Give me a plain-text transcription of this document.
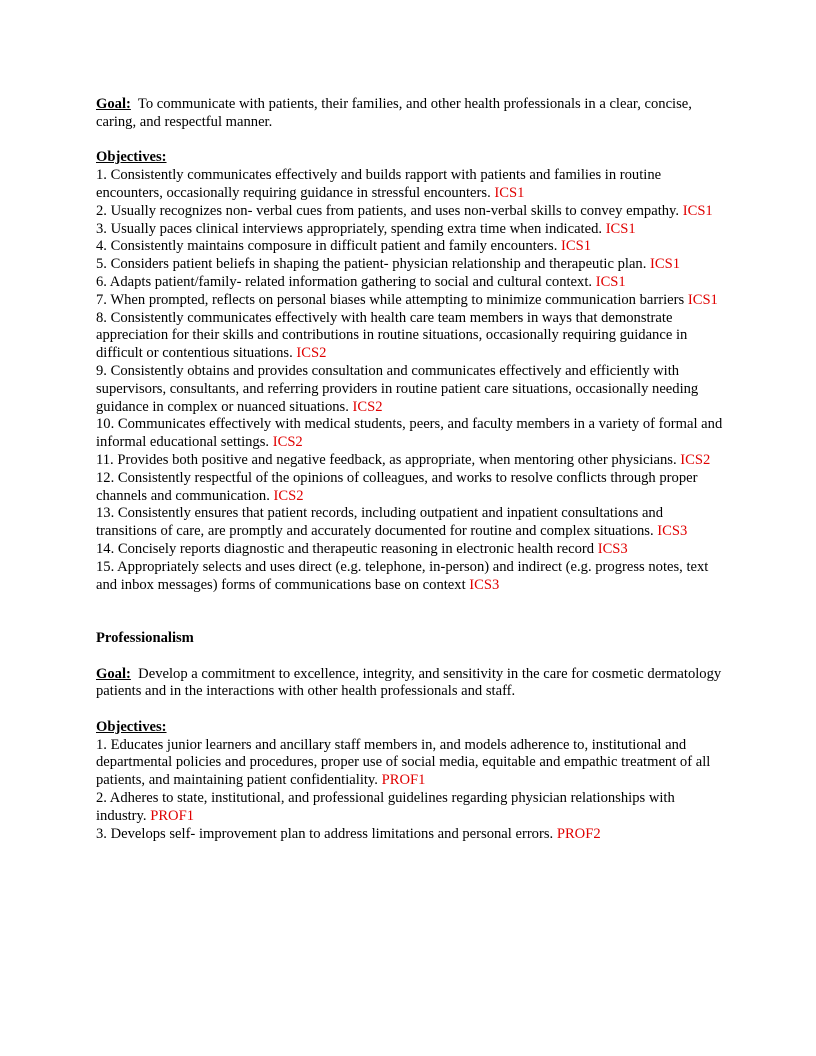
Goal: To communicate with patients, their families, and other health professionals in a clear, concise, caring, and respectful manner.

Objectives:

1. Consistently communicates effectively and builds rapport with patients and families in routine encounters, occasionally requiring guidance in stressful encounters. ICS1

2. Usually recognizes non- verbal cues from patients, and uses non-verbal skills to convey empathy. ICS1

3. Usually paces clinical interviews appropriately, spending extra time when indicated. ICS1

4. Consistently maintains composure in difficult patient and family encounters. ICS1

5. Considers patient beliefs in shaping the patient- physician relationship and therapeutic plan. ICS1

6. Adapts patient/family- related information gathering to social and cultural context. ICS1

7. When prompted, reflects on personal biases while attempting to minimize communication barriers ICS1

8. Consistently communicates effectively with health care team members in ways that demonstrate appreciation for their skills and contributions in routine situations, occasionally requiring guidance in difficult or contentious situations. ICS2

9. Consistently obtains and provides consultation and communicates effectively and efficiently with supervisors, consultants, and referring providers in routine patient care situations, occasionally needing guidance in complex or nuanced situations. ICS2

10. Communicates effectively with medical students, peers, and faculty members in a variety of formal and informal educational settings. ICS2

11. Provides both positive and negative feedback, as appropriate, when mentoring other physicians. ICS2

12. Consistently respectful of the opinions of colleagues, and works to resolve conflicts through proper channels and communication. ICS2

13. Consistently ensures that patient records, including outpatient and inpatient consultations and transitions of care, are promptly and accurately documented for routine and complex situations. ICS3

14. Concisely reports diagnostic and therapeutic reasoning in electronic health record ICS3

15. Appropriately selects and uses direct (e.g. telephone, in-person) and indirect (e.g. progress notes, text and inbox messages) forms of communications base on context ICS3

Professionalism

Goal: Develop a commitment to excellence, integrity, and sensitivity in the care for cosmetic dermatology patients and in the interactions with other health professionals and staff.

Objectives:

1. Educates junior learners and ancillary staff members in, and models adherence to, institutional and departmental policies and procedures, proper use of social media, equitable and empathic treatment of all patients, and maintaining patient confidentiality. PROF1

2. Adheres to state, institutional, and professional guidelines regarding physician relationships with industry. PROF1

3. Develops self- improvement plan to address limitations and personal errors. PROF2
